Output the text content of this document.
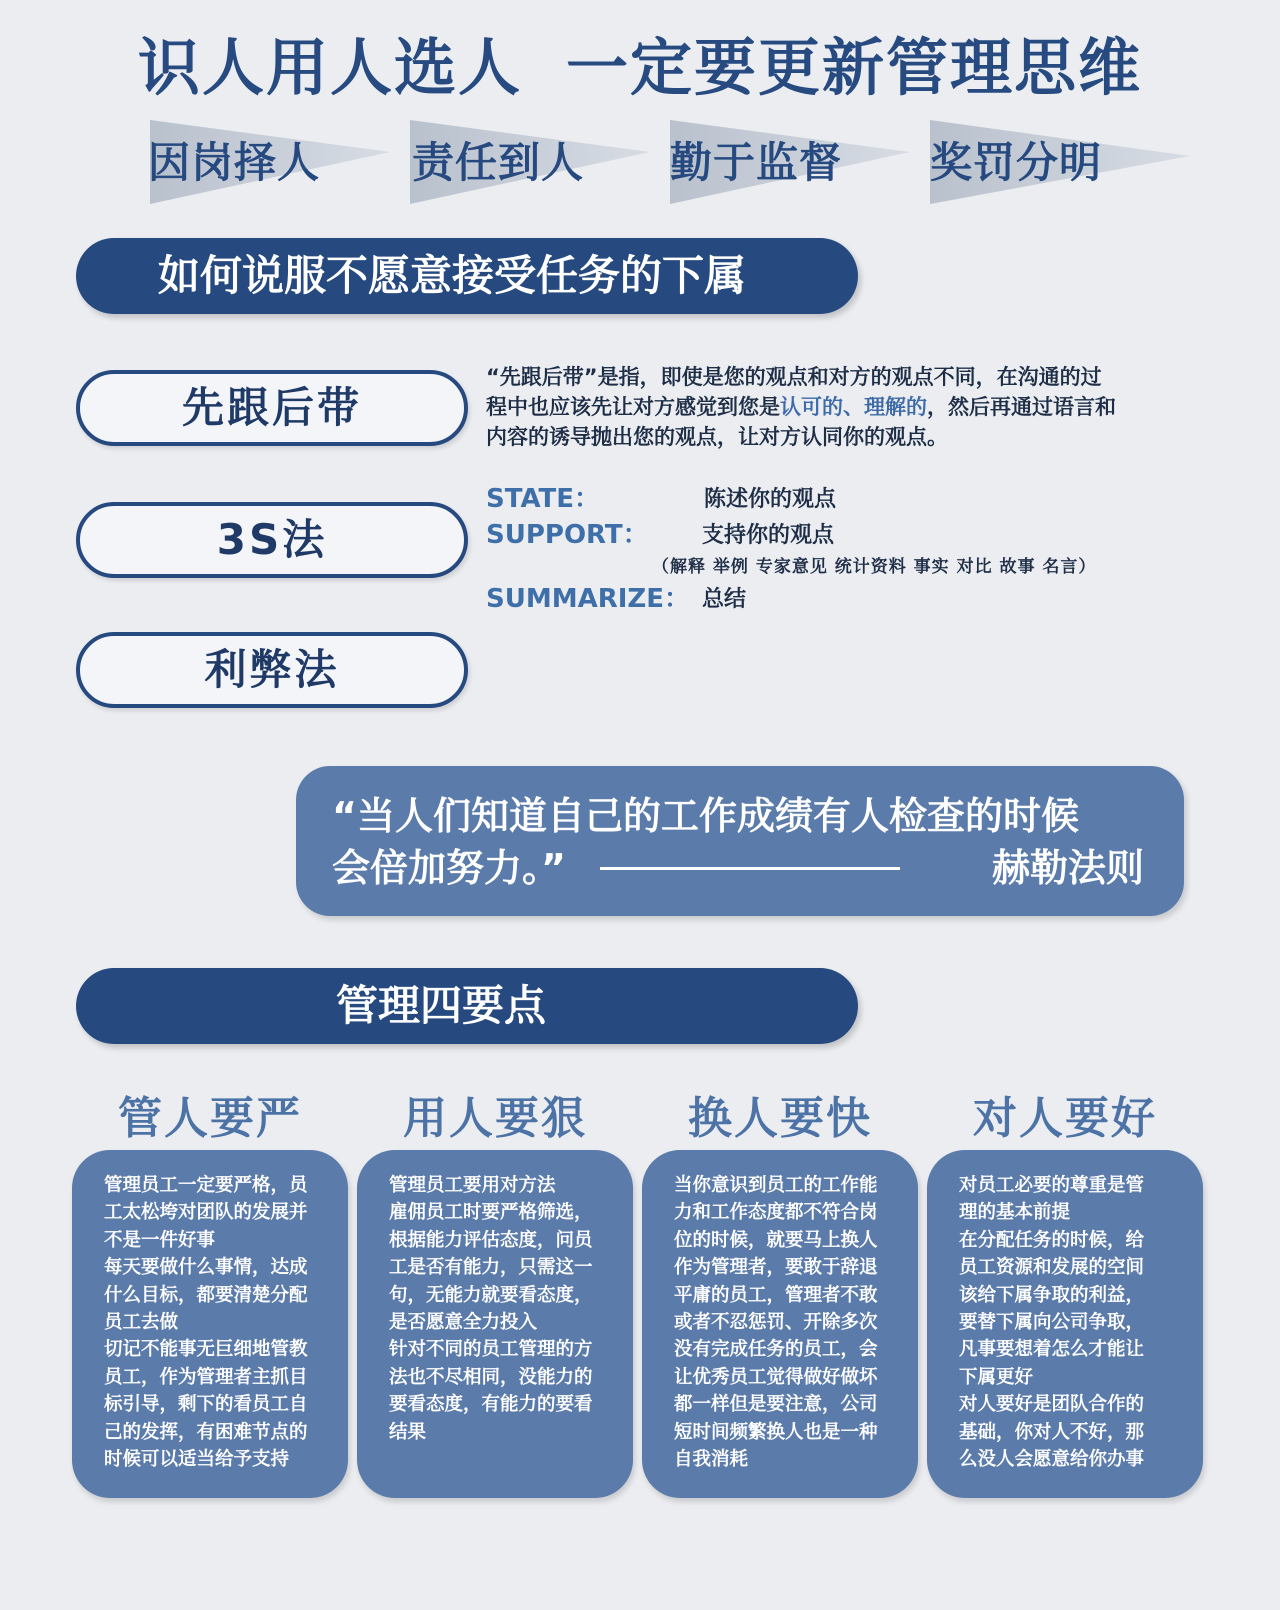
识人用人选人 一定要更新管理思维
因岗择人 责任到人 勤于监督 奖罚分明
如何说服不愿意接受任务的下属
先跟后带
3S法
利弊法
“先跟后带”是指，即使是您的观点和对方的观点不同，在沟通的过
程中也应该先让对方感觉到您是认可的、理解的，然后再通过语言和
内容的诱导抛出您的观点，让对方认同你的观点。
STATE：	陈述你的观点
SUPPORT： 支持你的观点
（解释 举例 专家意见 统计资料 事实 对比 故事 名言）
SUMMARIZE： 总结
“当人们知道自己的工作成绩有人检查的时候
会倍加努力。”	赫勒法则
管理四要点
管人要严	用人要狠	换人要快	对人要好
管理员工一定要严格，员
工太松垮对团队的发展并
不是一件好事
每天要做什么事情，达成
什么目标，都要清楚分配
员工去做
切记不能事无巨细地管教
员工，作为管理者主抓目
标引导，剩下的看员工自
己的发挥，有困难节点的
时候可以适当给予支持
管理员工要用对方法
雇佣员工时要严格筛选，
根据能力评估态度，问员
工是否有能力，只需这一
句，无能力就要看态度，
是否愿意全力投入
针对不同的员工管理的方
法也不尽相同，没能力的
要看态度，有能力的要看
结果
当你意识到员工的工作能
力和工作态度都不符合岗
位的时候，就要马上换人
作为管理者，要敢于辞退
平庸的员工，管理者不敢
或者不忍惩罚、开除多次
没有完成任务的员工，会
让优秀员工觉得做好做坏
都一样但是要注意，公司
短时间频繁换人也是一种
自我消耗
对员工必要的尊重是管
理的基本前提
在分配任务的时候，给
员工资源和发展的空间
该给下属争取的利益，
要替下属向公司争取，
凡事要想着怎么才能让
下属更好
对人要好是团队合作的
基础，你对人不好，那
么没人会愿意给你办事
